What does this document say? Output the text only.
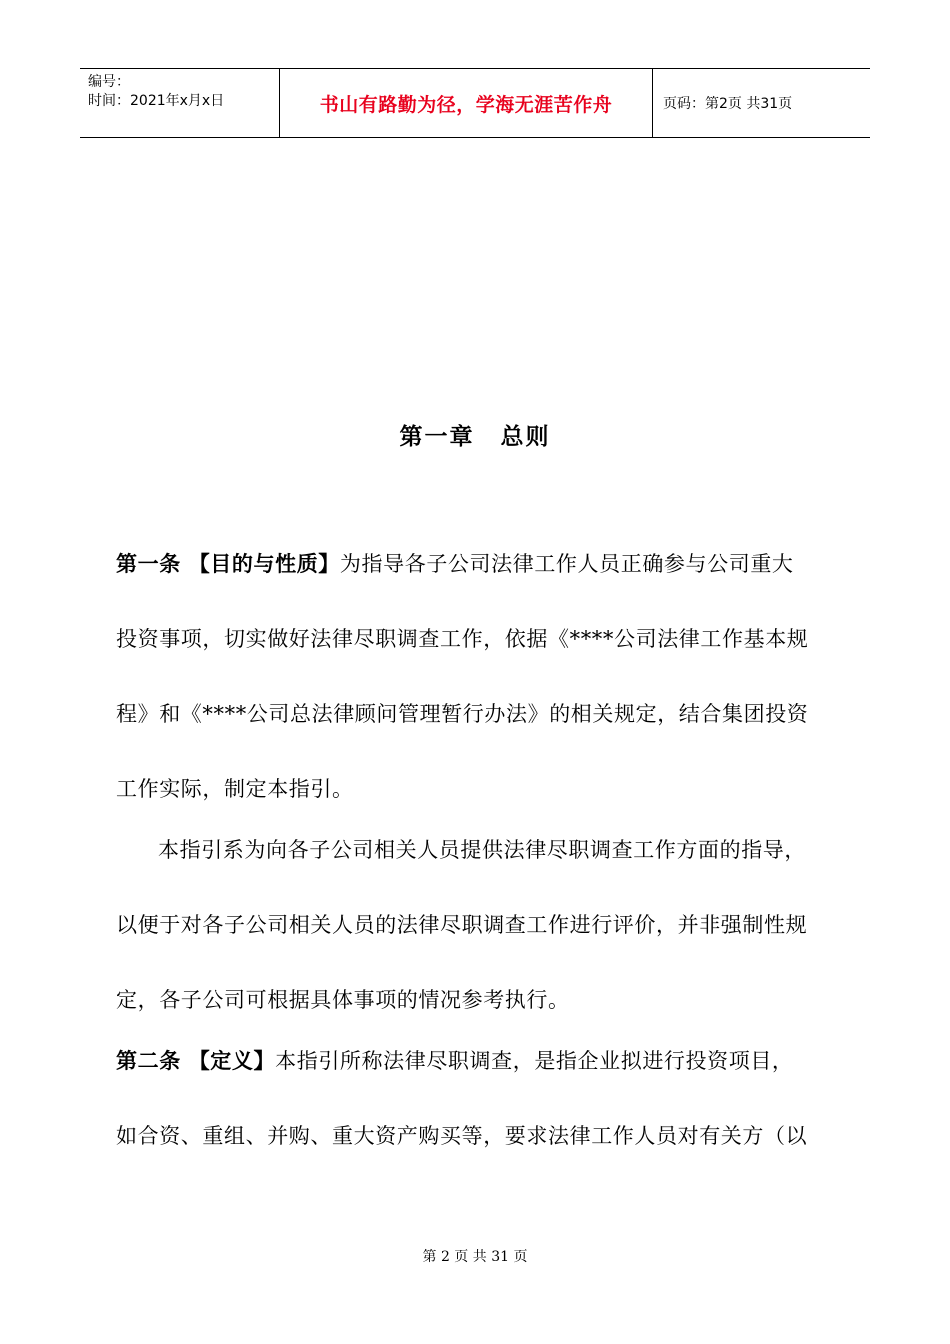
编号：
时间：2021年x月x日	书山有路勤为径，学海无涯苦作舟	页码：第2页 共31页
第一章 总则
第一条 【目的与性质】为指导各子公司法律工作人员正确参与公司重大
投资事项，切实做好法律尽职调查工作，依据《****公司法律工作基本规
程》和《****公司总法律顾问管理暂行办法》的相关规定，结合集团投资
工作实际，制定本指引。
本指引系为向各子公司相关人员提供法律尽职调查工作方面的指导，
以便于对各子公司相关人员的法律尽职调查工作进行评价，并非强制性规
定，各子公司可根据具体事项的情况参考执行。
第二条 【定义】本指引所称法律尽职调查，是指企业拟进行投资项目，
如合资、重组、并购、重大资产购买等，要求法律工作人员对有关方（以
第 2 页 共 31 页
